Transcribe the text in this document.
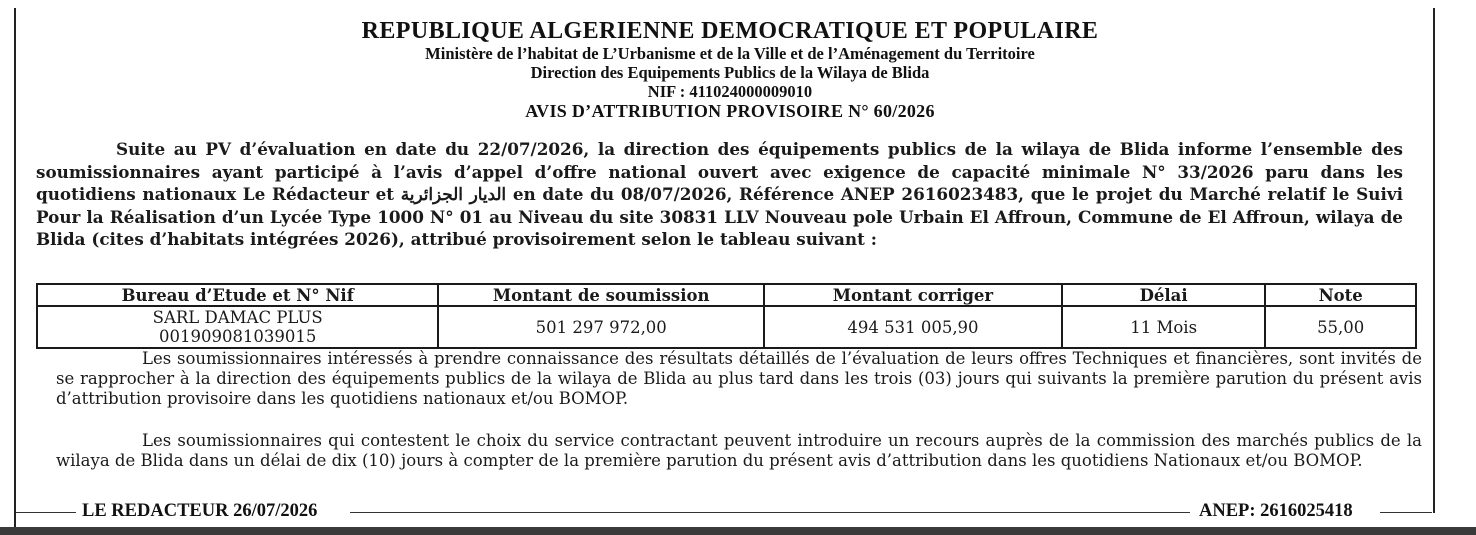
REPUBLIQUE ALGERIENNE DEMOCRATIQUE ET POPULAIRE
Ministère de l’habitat de L’Urbanisme et de la Ville et de l’Aménagement du Territoire
Direction des Equipements Publics de la Wilaya de Blida
NIF : 411024000009010
AVIS D’ATTRIBUTION PROVISOIRE N° 60/2026

Suite au PV d’évaluation en date du 22/07/2026, la direction des équipements publics de la wilaya de Blida informe l’ensemble des soumissionnaires ayant participé à l’avis d’appel d’offre national ouvert avec exigence de capacité minimale N° 33/2026 paru dans les quotidiens nationaux Le Rédacteur et الديار الجزائرية en date du 08/07/2026, Référence ANEP 2616023483, que le projet du Marché relatif le Suivi Pour la Réalisation d’un Lycée Type 1000 N° 01 au Niveau du site 30831 LLV Nouveau pole Urbain El Affroun, Commune de El Affroun, wilaya de Blida (cites d’habitats intégrées 2026), attribué provisoirement selon le tableau suivant :

Bureau d’Etude et N° Nif	Montant de soumission	Montant corriger	Délai	Note

SARL DAMAC PLUS
001909081039015	501 297 972,00	494 531 005,90	11 Mois	55,00

Les soumissionnaires intéressés à prendre connaissance des résultats détaillés de l’évaluation de leurs offres Techniques et financières, sont invités de se rapprocher à la direction des équipements publics de la wilaya de Blida au plus tard dans les trois (03) jours qui suivants la première parution du présent avis d’attribution provisoire dans les quotidiens nationaux et/ou BOMOP.

Les soumissionnaires qui contestent le choix du service contractant peuvent introduire un recours auprès de la commission des marchés publics de la wilaya de Blida dans un délai de dix (10) jours à compter de la première parution du présent avis d’attribution dans les quotidiens Nationaux et/ou BOMOP.

LE REDACTEUR 26/07/2026	ANEP: 2616025418
